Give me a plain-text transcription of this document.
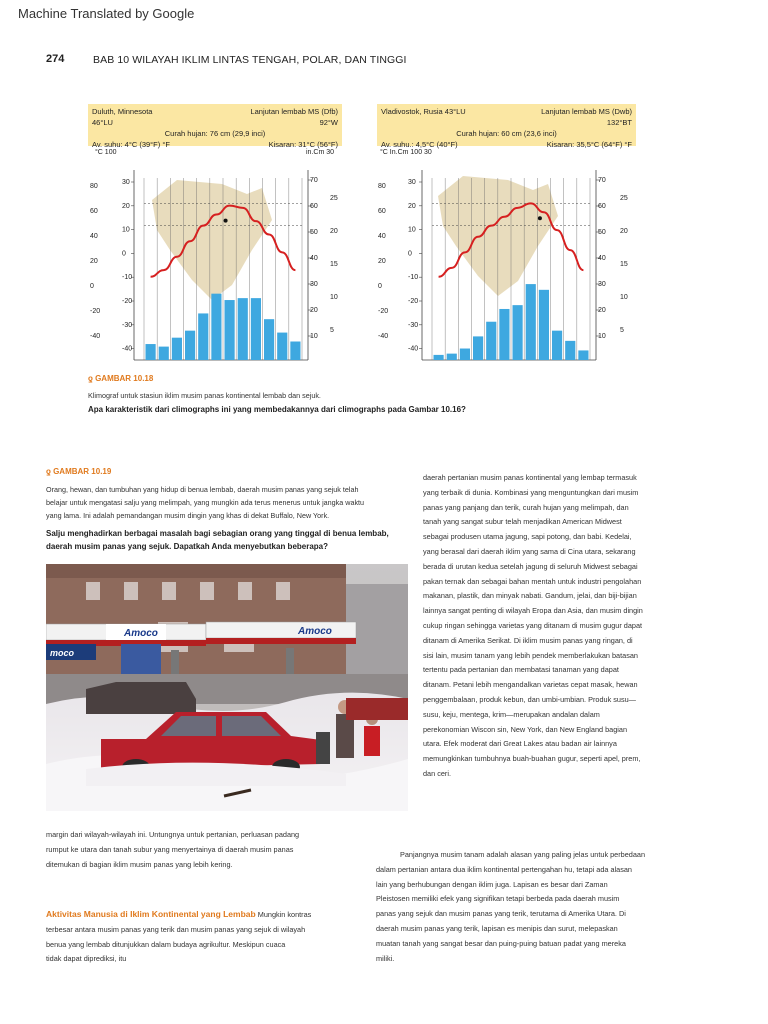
Machine Translated by Google
274	BAB 10 WILAYAH IKLIM LINTAS TENGAH, POLAR, DAN TINGGI
Duluth, Minnesota	Lanjutan lembab MS (Dfb)
46°LU	92°W
Curah hujan: 76 cm (29,9 inci)
Av. suhu: 4°C (39°F) °F	Kisaran: 31°C (56°F)
°C 100	in.Cm 30
Vladivostok, Rusia 43°LU	Lanjutan lembab MS (Dwb)
132°BT
Curah hujan: 60 cm (23,6 inci)
Av. suhu.: 4,5°C (40°F)	Kisaran: 35,5°C (64°F) °F
°C In.Cm 100 30
80
60
40
20
0
‑20
‑40
30
20
10
0
‑10
‑20
‑30
‑40
70
60
50
40
30
20
10
25
20
15
10
5
80
60
40
20
0
‑20
‑40
30
20
10
0
‑10
‑20
‑30
‑40
70
60
50
40
30
20
10
25
20
15
10
5
ƍ GAMBAR 10.18
Klimograf untuk stasiun iklim musim panas kontinental lembab dan sejuk.
Apa karakteristik dari climographs ini yang membedakannya dari climographs pada Gambar 10.16?
ƍ GAMBAR 10.19
Orang, hewan, dan tumbuhan yang hidup di benua lembab, daerah musim panas yang sejuk telah
belajar untuk mengatasi salju yang melimpah, yang mungkin ada terus menerus untuk jangka waktu
yang lama. Ini adalah pemandangan musim dingin yang khas di dekat Buffalo, New York.
Salju menghadirkan berbagai masalah bagi sebagian orang yang tinggal di benua lembab,
daerah musim panas yang sejuk. Dapatkah Anda menyebutkan beberapa?
Amoco	Amoco
moco
daerah pertanian musim panas kontinental yang lembap termasuk
yang terbaik di dunia. Kombinasi yang menguntungkan dari musim
panas yang panjang dan terik, curah hujan yang melimpah, dan
tanah yang sangat subur telah menjadikan American Midwest
sebagai produsen utama jagung, sapi potong, dan babi. Kedelai,
yang berasal dari daerah iklim yang sama di Cina utara, sekarang
berada di urutan kedua setelah jagung di seluruh Midwest sebagai
pakan ternak dan sebagai bahan mentah untuk industri pengolahan
makanan, plastik, dan minyak nabati. Gandum, jelai, dan biji-bijian
lainnya sangat penting di wilayah Eropa dan Asia, dan musim dingin
cukup ringan sehingga varietas yang ditanam di musim gugur dapat
ditanam di Amerika Serikat. Di iklim musim panas yang ringan, di
sisi lain, musim tanam yang lebih pendek memberlakukan batasan
tertentu pada pertanian dan membatasi tanaman yang dapat
ditanam. Petani lebih mengandalkan varietas cepat masak, hewan
penggembalaan, produk kebun, dan umbi-umbian. Produk susu—
susu, keju, mentega, krim—merupakan andalan dalam
perekonomian Wiscon sin, New York, dan New England bagian
utara. Efek moderat dari Great Lakes atau badan air lainnya
memungkinkan tumbuhnya buah-buahan gugur, seperti apel, prem,
dan ceri.
margin dari wilayah-wilayah ini. Untungnya untuk pertanian, perluasan padang
rumput ke utara dan tanah subur yang menyertainya di daerah musim panas
ditemukan di bagian iklim musim panas yang lebih kering.
Aktivitas Manusia di Iklim Kontinental yang Lembab Mungkin kontras
terbesar antara musim panas yang terik dan musim panas yang sejuk di wilayah
benua yang lembab ditunjukkan dalam budaya agrikultur. Meskipun cuaca
tidak dapat diprediksi, itu
Panjangnya musim tanam adalah alasan yang paling jelas untuk perbedaan
dalam pertanian antara dua iklim kontinental pertengahan hu, tetapi ada alasan
lain yang berhubungan dengan iklim juga. Lapisan es besar dari Zaman
Pleistosen memiliki efek yang signifikan tetapi berbeda pada daerah musim
panas yang sejuk dan musim panas yang terik, terutama di Amerika Utara. Di
daerah musim panas yang terik, lapisan es menipis dan surut, melepaskan
muatan tanah yang sangat besar dan puing-puing batuan padat yang mereka
miliki.
